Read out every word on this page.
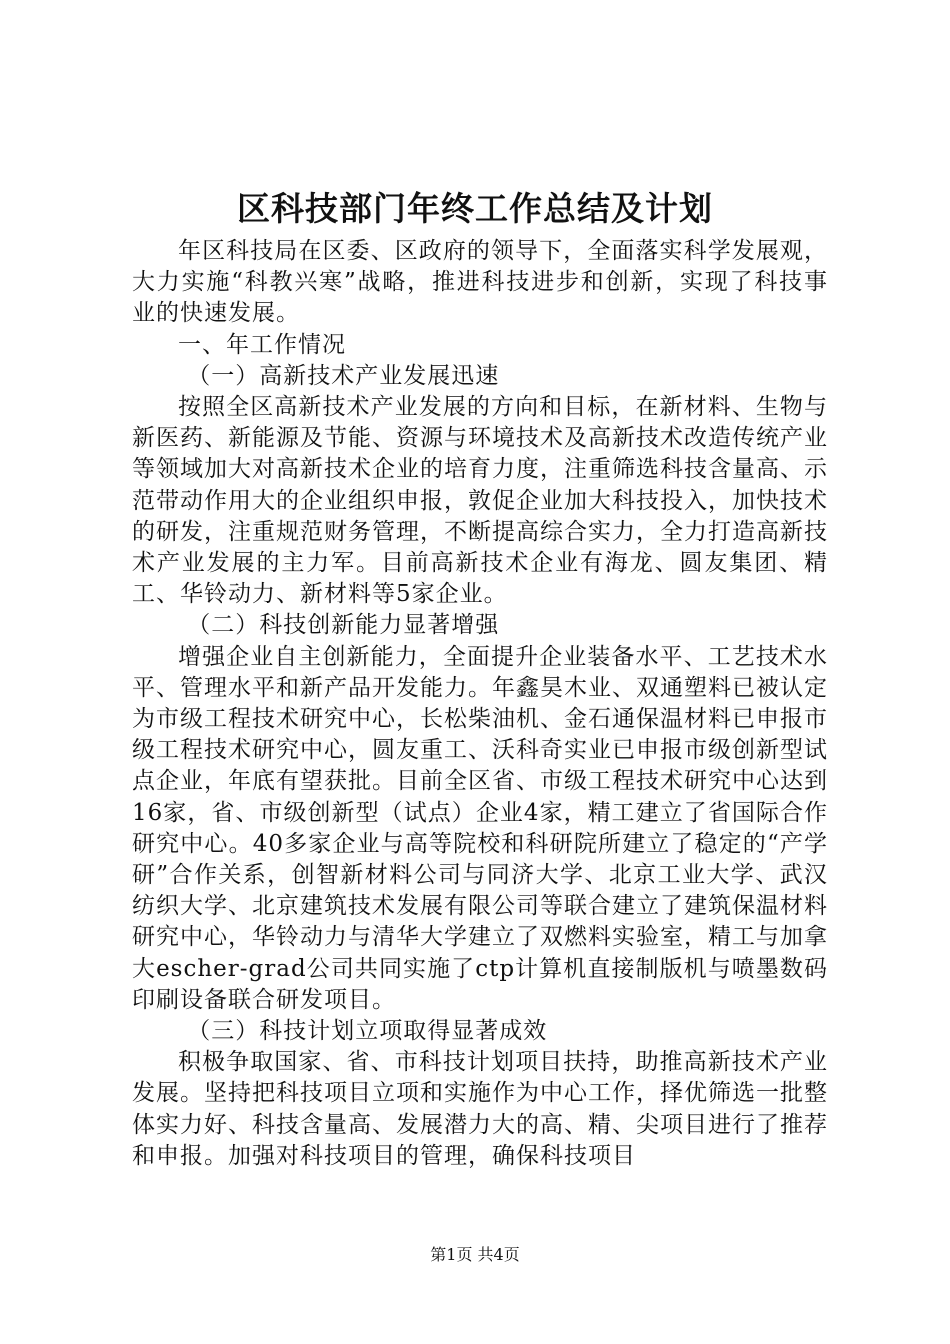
区科技部门年终工作总结及计划

年区科技局在区委、区政府的领导下，全面落实科学发展观，大力实施“科教兴寒”战略，推进科技进步和创新，实现了科技事业的快速发展。

一、年工作情况

（一）高新技术产业发展迅速

按照全区高新技术产业发展的方向和目标，在新材料、生物与新医药、新能源及节能、资源与环境技术及高新技术改造传统产业等领域加大对高新技术企业的培育力度，注重筛选科技含量高、示范带动作用大的企业组织申报，敦促企业加大科技投入，加快技术的研发，注重规范财务管理，不断提高综合实力，全力打造高新技术产业发展的主力军。目前高新技术企业有海龙、圆友集团、精工、华铃动力、新材料等5家企业。

（二）科技创新能力显著增强

增强企业自主创新能力，全面提升企业装备水平、工艺技术水平、管理水平和新产品开发能力。年鑫昊木业、双通塑料已被认定为市级工程技术研究中心，长松柴油机、金石通保温材料已申报市级工程技术研究中心，圆友重工、沃科奇实业已申报市级创新型试点企业，年底有望获批。目前全区省、市级工程技术研究中心达到16家，省、市级创新型（试点）企业4家，精工建立了省国际合作研究中心。40多家企业与高等院校和科研院所建立了稳定的“产学研”合作关系，创智新材料公司与同济大学、北京工业大学、武汉纺织大学、北京建筑技术发展有限公司等联合建立了建筑保温材料研究中心，华铃动力与清华大学建立了双燃料实验室，精工与加拿大escher-grad公司共同实施了ctp计算机直接制版机与喷墨数码印刷设备联合研发项目。

（三）科技计划立项取得显著成效

积极争取国家、省、市科技计划项目扶持，助推高新技术产业发展。坚持把科技项目立项和实施作为中心工作，择优筛选一批整体实力好、科技含量高、发展潜力大的高、精、尖项目进行了推荐和申报。加强对科技项目的管理，确保科技项目

第1页 共4页
